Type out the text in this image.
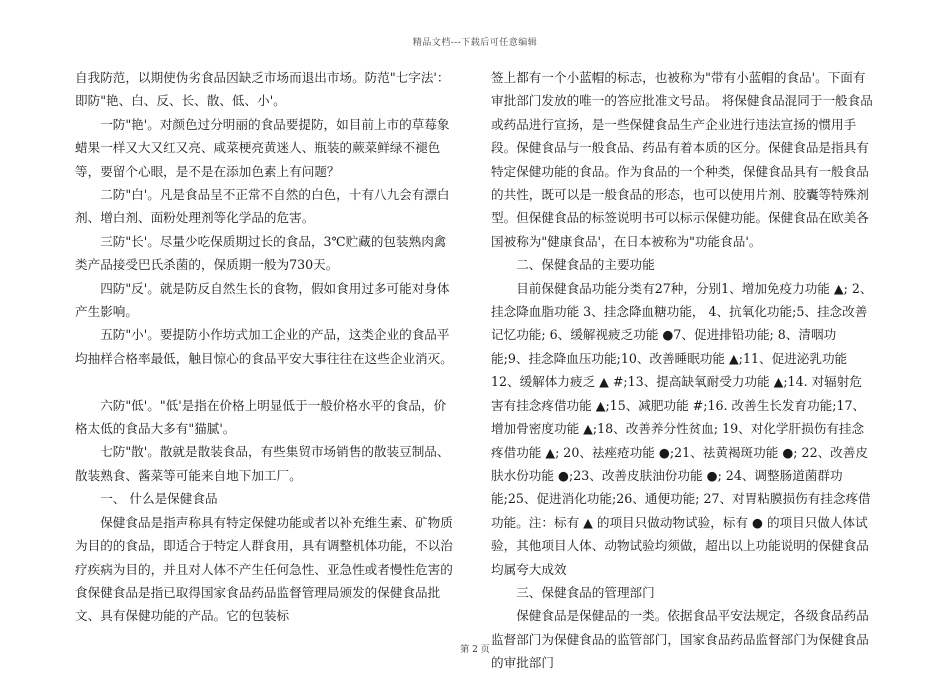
精品文档---下载后可任意编辑

自我防范，以期使伪劣食品因缺乏市场而退出市场。防范"七字法'：即防"艳、白、反、长、散、低、小'。

一防"艳'。对颜色过分明丽的食品要提防，如目前上市的草莓象蜡果一样又大又红又亮、咸菜梗亮黄迷人、瓶装的蕨菜鲜绿不褪色等，要留个心眼，是不是在添加色素上有问题？

二防"白'。凡是食品呈不正常不自然的白色，十有八九会有漂白剂、增白剂、面粉处理剂等化学品的危害。

三防"长'。尽量少吃保质期过长的食品，3℃贮藏的包装熟肉禽类产品接受巴氏杀菌的，保质期一般为730天。

四防"反'。就是防反自然生长的食物，假如食用过多可能对身体产生影响。

五防"小'。要提防小作坊式加工企业的产品，这类企业的食品平均抽样合格率最低，触目惊心的食品平安大事往往在这些企业消灭。

六防"低'。"低'是指在价格上明显低于一般价格水平的食品，价格太低的食品大多有"猫腻'。

七防"散'。散就是散装食品，有些集贸市场销售的散装豆制品、散装熟食、酱菜等可能来自地下加工厂。

一、 什么是保健食品

保健食品是指声称具有特定保健功能或者以补充维生素、矿物质为目的的食品，即适合于特定人群食用，具有调整机体功能，不以治疗疾病为目的，并且对人体不产生任何急性、亚急性或者慢性危害的食保健食品是指已取得国家食品药品监督管理局颁发的保健食品批文、具有保健功能的产品。它的包装标

签上都有一个小蓝帽的标志，也被称为"带有小蓝帽的食品'。下面有审批部门发放的唯一的答应批准文号品。 将保健食品混同于一般食品或药品进行宣扬，是一些保健食品生产企业进行违法宣扬的惯用手段。保健食品与一般食品、药品有着本质的区分。保健食品是指具有特定保健功能的食品。作为食品的一个种类，保健食品具有一般食品的共性，既可以是一般食品的形态，也可以使用片剂、胶囊等特殊剂型。但保健食品的标签说明书可以标示保健功能。保健食品在欧美各国被称为"健康食品'，在日本被称为"功能食品'。

二、保健食品的主要功能

目前保健食品功能分类有27种，分别1、增加免疫力功能 ▲; 2、挂念降血脂功能 3、挂念降血糖功能， 4、抗氧化功能;5、挂念改善记忆功能; 6、缓解视疲乏功能 ●7、促进排铅功能; 8、清咽功能;9、挂念降血压功能;10、改善睡眠功能 ▲;11、促进泌乳功能 12、缓解体力疲乏 ▲ #;13、提高缺氧耐受力功能 ▲;14. 对辐射危害有挂念疼借功能 ▲;15、减肥功能 #;16. 改善生长发育功能;17、增加骨密度功能 ▲;18、改善养分性贫血; 19、对化学肝损伤有挂念疼借功能 ▲; 20、祛痤疮功能 ●;21、祛黄褐斑功能 ●; 22、改善皮肤水份功能 ●;23、改善皮肤油份功能 ●; 24、调整肠道菌群功能;25、促进消化功能;26、通便功能; 27、对胃粘膜损伤有挂念疼借功能。注：标有 ▲ 的项目只做动物试验，标有 ● 的项目只做人体试验，其他项目人体、动物试验均须做，超出以上功能说明的保健食品均属夸大成效

三、保健食品的管理部门

保健食品是保健品的一类。依据食品平安法规定，各级食品药品监督部门为保健食品的监管部门，国家食品药品监督部门为保健食品的审批部门

第 2 页
